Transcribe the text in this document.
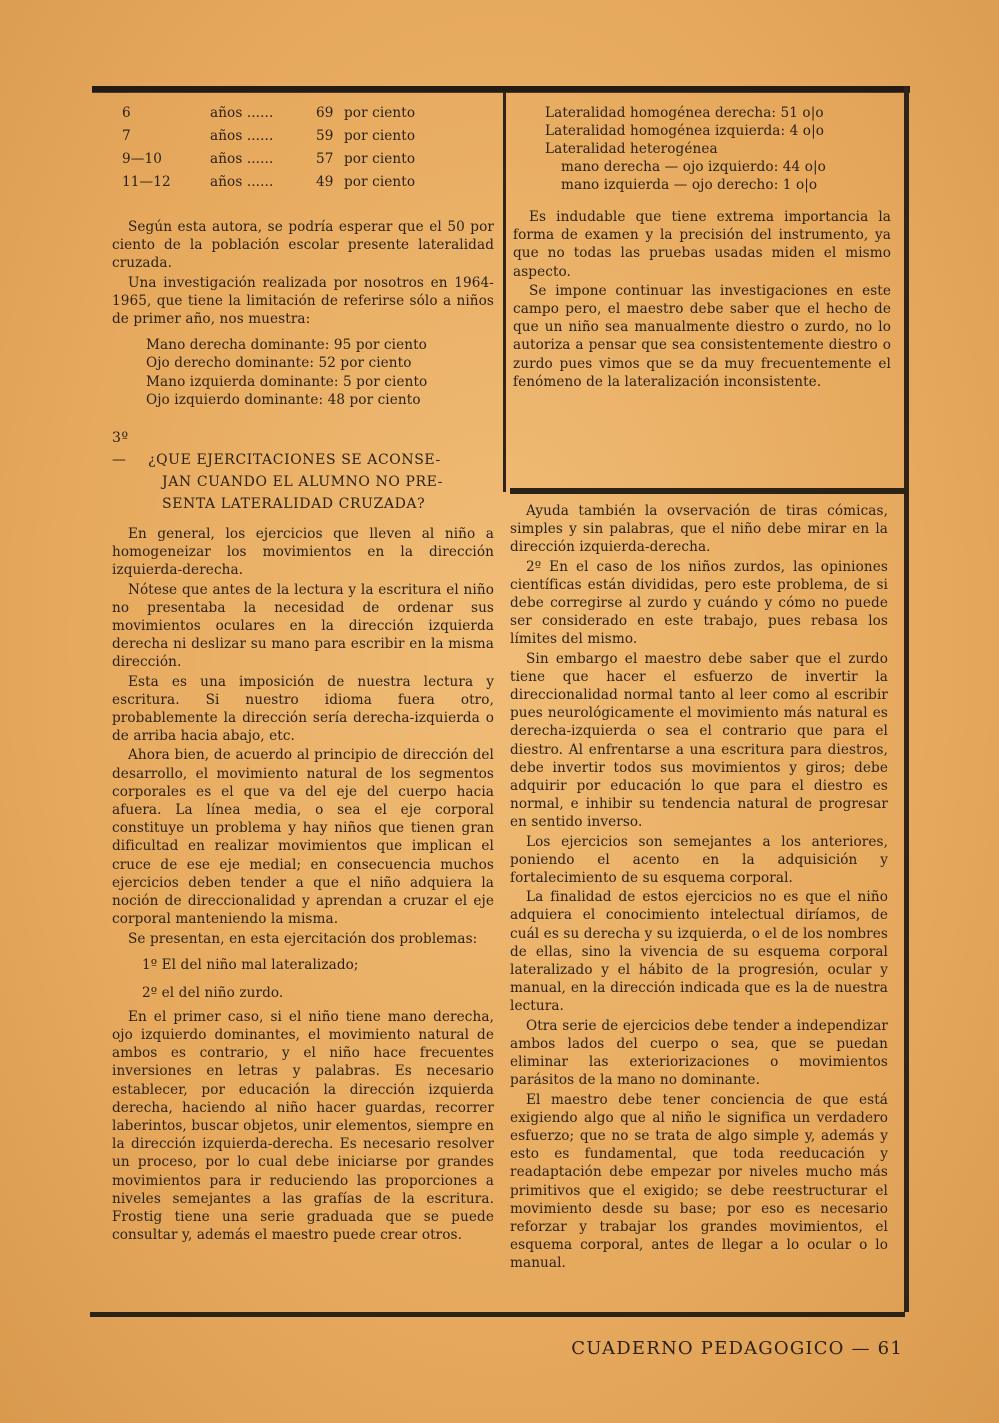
6	años ......	69	por ciento
7	años ......	59	por ciento
9—10	años ......	57	por ciento
11—12	años ......	49	por ciento

Según esta autora, se podría esperar que el 50 por ciento de la población escolar presente lateralidad cruzada.

Una investigación realizada por nosotros en 1964-1965, que tiene la limitación de referirse sólo a niños de primer año, nos muestra:

Mano derecha dominante: 95 por ciento
Ojo derecho dominante: 52 por ciento
Mano izquierda dominante: 5 por ciento
Ojo izquierdo dominante: 48 por ciento
3º — ¿QUE EJERCITACIONES SE ACONSE-
JAN CUANDO EL ALUMNO NO PRE-
SENTA LATERALIDAD CRUZADA?

En general, los ejercicios que lleven al niño a homogeneizar los movimientos en la dirección izquierda-derecha.

Nótese que antes de la lectura y la escritura el niño no presentaba la necesidad de ordenar sus movimientos oculares en la dirección izquierda derecha ni deslizar su mano para escribir en la misma dirección.

Esta es una imposición de nuestra lectura y escritura. Si nuestro idioma fuera otro, probablemente la dirección sería derecha-izquierda o de arriba hacia abajo, etc.

Ahora bien, de acuerdo al principio de dirección del desarrollo, el movimiento natural de los segmentos corporales es el que va del eje del cuerpo hacia afuera. La línea media, o sea el eje corporal constituye un problema y hay niños que tienen gran dificultad en realizar movimientos que implican el cruce de ese eje medial; en consecuencia muchos ejercicios deben tender a que el niño adquiera la noción de direccionalidad y aprendan a cruzar el eje corporal manteniendo la misma.

Se presentan, en esta ejercitación dos problemas:

1º El del niño mal lateralizado;
2º el del niño zurdo.

En el primer caso, si el niño tiene mano derecha, ojo izquierdo dominantes, el movimiento natural de ambos es contrario, y el niño hace frecuentes inversiones en letras y palabras. Es necesario establecer, por educación la dirección izquierda derecha, haciendo al niño hacer guardas, recorrer laberintos, buscar objetos, unir elementos, siempre en la dirección izquierda-derecha. Es necesario resolver un proceso, por lo cual debe iniciarse por grandes movimientos para ir reduciendo las proporciones a niveles semejantes a las grafías de la escritura. Frostig tiene una serie graduada que se puede consultar y, además el maestro puede crear otros.

Lateralidad homogénea derecha: 51 o|o
Lateralidad homogénea izquierda: 4 o|o
Lateralidad heterogénea
mano derecha — ojo izquierdo: 44 o|o
mano izquierda — ojo derecho: 1 o|o

Es indudable que tiene extrema importancia la forma de examen y la precisión del instrumento, ya que no todas las pruebas usadas miden el mismo aspecto.

Se impone continuar las investigaciones en este campo pero, el maestro debe saber que el hecho de que un niño sea manualmente diestro o zurdo, no lo autoriza a pensar que sea consistentemente diestro o zurdo pues vimos que se da muy frecuentemente el fenómeno de la lateralización inconsistente.

Ayuda también la ovservación de tiras cómicas, simples y sin palabras, que el niño debe mirar en la dirección izquierda-derecha.

2º En el caso de los niños zurdos, las opiniones científicas están divididas, pero este problema, de si debe corregirse al zurdo y cuándo y cómo no puede ser considerado en este trabajo, pues rebasa los límites del mismo.

Sin embargo el maestro debe saber que el zurdo tiene que hacer el esfuerzo de invertir la direccionalidad normal tanto al leer como al escribir pues neurológicamente el movimiento más natural es derecha-izquierda o sea el contrario que para el diestro. Al enfrentarse a una escritura para diestros, debe invertir todos sus movimientos y giros; debe adquirir por educación lo que para el diestro es normal, e inhibir su tendencia natural de progresar en sentido inverso.

Los ejercicios son semejantes a los anteriores, poniendo el acento en la adquisición y fortalecimiento de su esquema corporal.

La finalidad de estos ejercicios no es que el niño adquiera el conocimiento intelectual diríamos, de cuál es su derecha y su izquierda, o el de los nombres de ellas, sino la vivencia de su esquema corporal lateralizado y el hábito de la progresión, ocular y manual, en la dirección indicada que es la de nuestra lectura.

Otra serie de ejercicios debe tender a independizar ambos lados del cuerpo o sea, que se puedan eliminar las exteriorizaciones o movimientos parásitos de la mano no dominante.

El maestro debe tener conciencia de que está exigiendo algo que al niño le significa un verdadero esfuerzo; que no se trata de algo simple y, además y esto es fundamental, que toda reeducación y readaptación debe empezar por niveles mucho más primitivos que el exigido; se debe reestructurar el movimiento desde su base; por eso es necesario reforzar y trabajar los grandes movimientos, el esquema corporal, antes de llegar a lo ocular o lo manual.

CUADERNO PEDAGOGICO — 61
